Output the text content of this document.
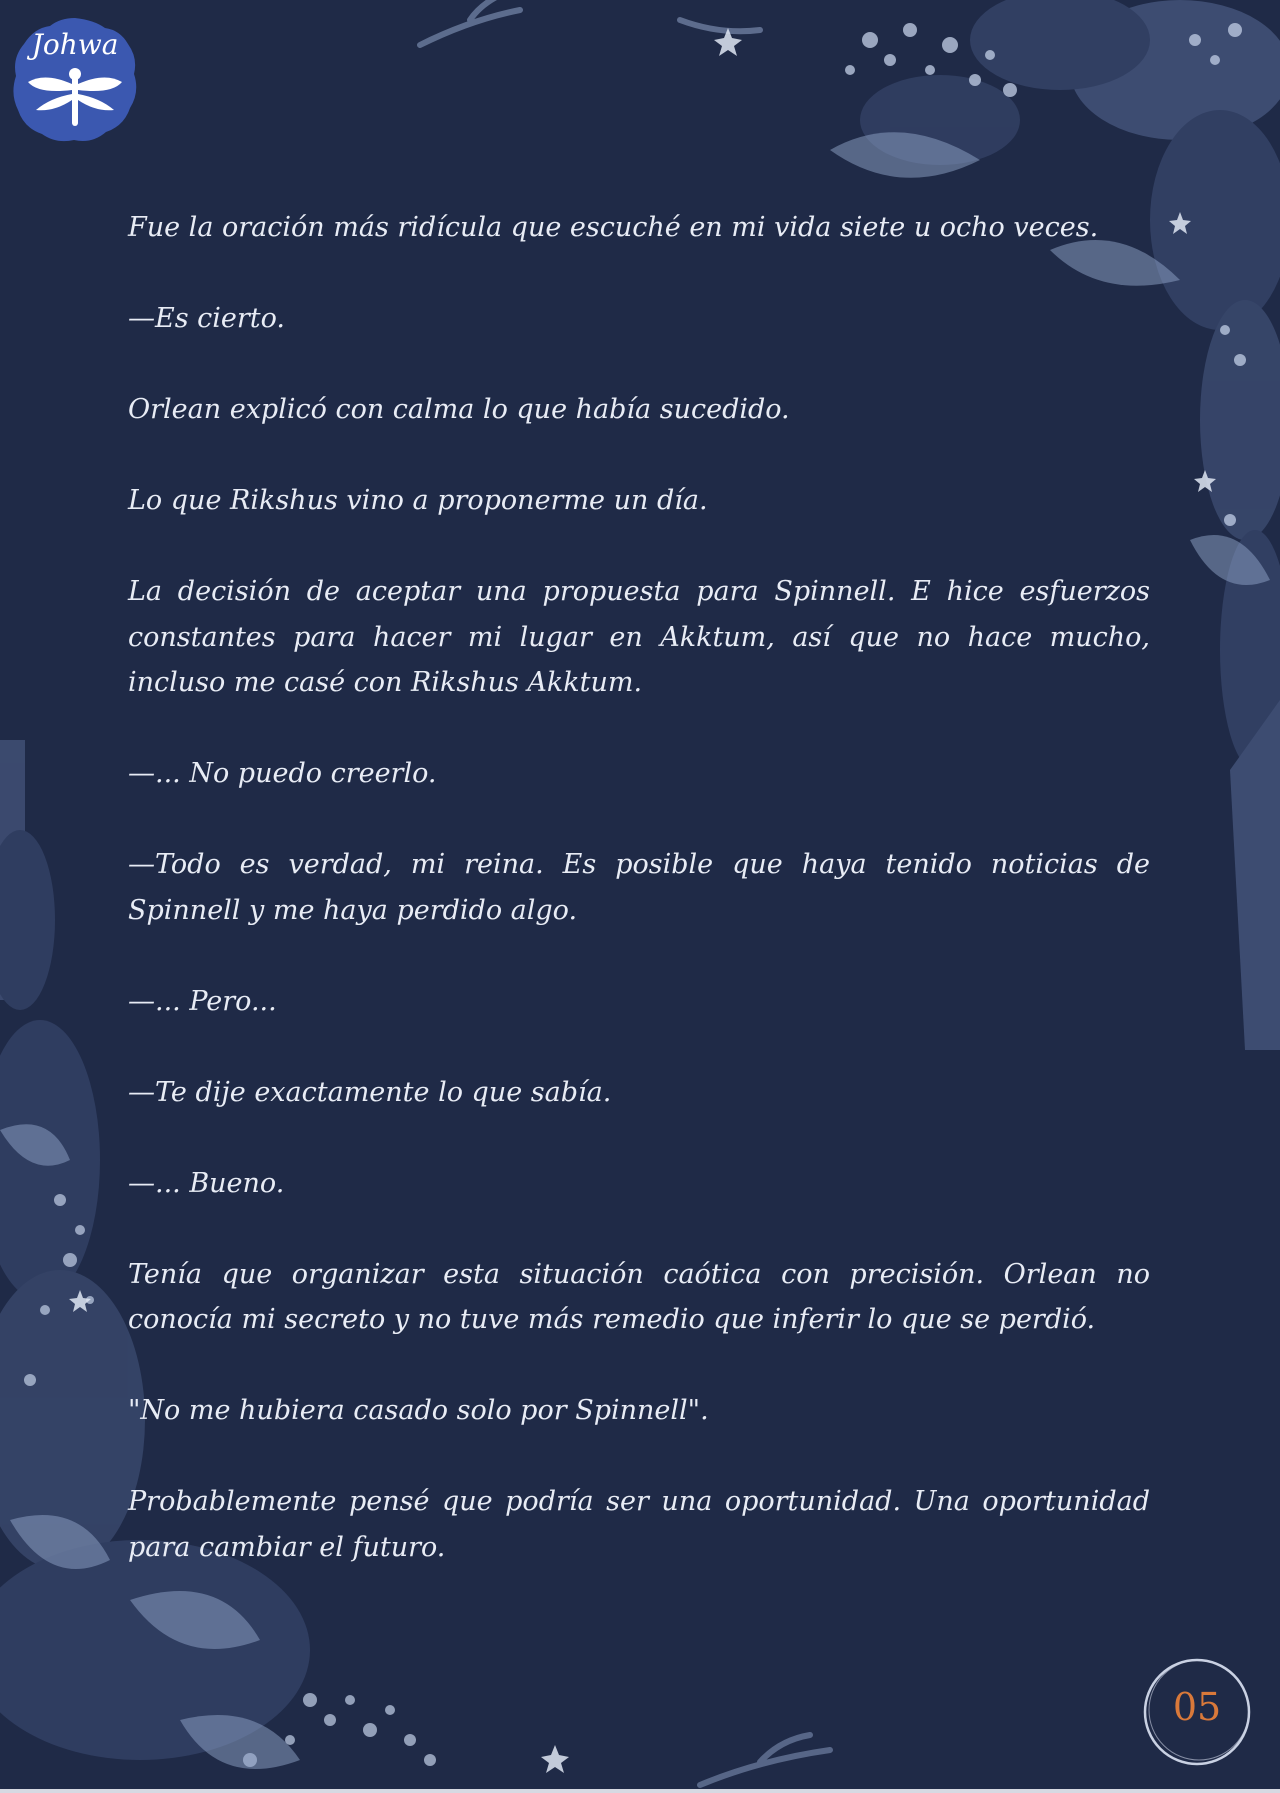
Johwa

Fue la oración más ridícula que escuché en mi vida siete u ocho veces.

—Es cierto.

Orlean explicó con calma lo que había sucedido.

Lo que Rikshus vino a proponerme un día.

La decisión de aceptar una propuesta para Spinnell. E hice esfuerzos constantes para hacer mi lugar en Akktum, así que no hace mucho, incluso me casé con Rikshus Akktum.

—... No puedo creerlo.

—Todo es verdad, mi reina. Es posible que haya tenido noticias de Spinnell y me haya perdido algo.

—... Pero...

—Te dije exactamente lo que sabía.

—... Bueno.

Tenía que organizar esta situación caótica con precisión. Orlean no conocía mi secreto y no tuve más remedio que inferir lo que se perdió.

"No me hubiera casado solo por Spinnell".

Probablemente pensé que podría ser una oportunidad. Una oportunidad para cambiar el futuro.

05
